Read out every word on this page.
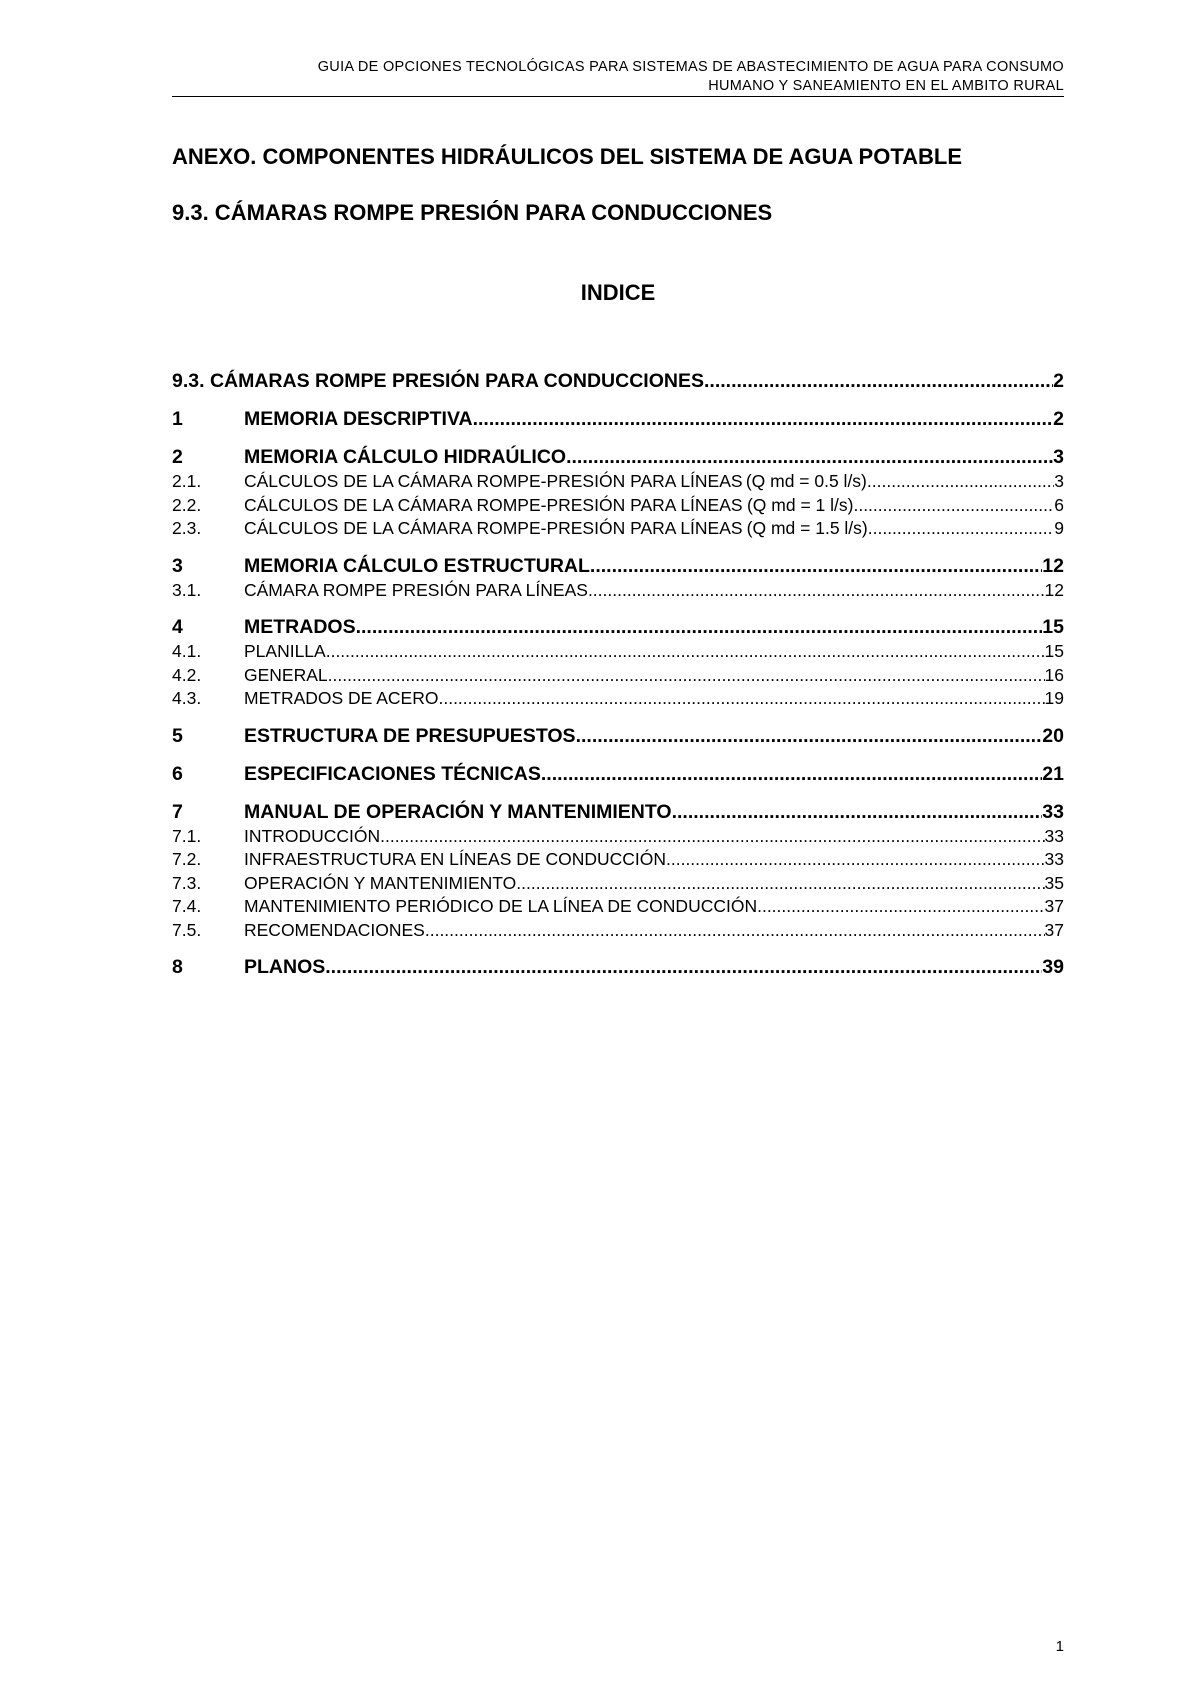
GUIA DE OPCIONES TECNOLÓGICAS PARA SISTEMAS DE ABASTECIMIENTO DE AGUA PARA CONSUMO
HUMANO Y SANEAMIENTO EN EL AMBITO RURAL
ANEXO. COMPONENTES HIDRÁULICOS DEL SISTEMA DE AGUA POTABLE
9.3. CÁMARAS ROMPE PRESIÓN PARA CONDUCCIONES
INDICE
9.3. CÁMARAS ROMPE PRESIÓN PARA CONDUCCIONES .....	2
1	MEMORIA DESCRIPTIVA .....	2
2	MEMORIA CÁLCULO HIDRAÚLICO .....	3
2.1.	CÁLCULOS DE LA CÁMARA ROMPE-PRESIÓN PARA LÍNEAS (Q md = 0.5 l/s) .....	3
2.2.	CÁLCULOS DE LA CÁMARA ROMPE-PRESIÓN PARA LÍNEAS (Q md = 1 l/s) .....	6
2.3.	CÁLCULOS DE LA CÁMARA ROMPE-PRESIÓN PARA LÍNEAS (Q md = 1.5 l/s) .....	9
3	MEMORIA CÁLCULO ESTRUCTURAL .....	12
3.1.	CÁMARA ROMPE PRESIÓN PARA LÍNEAS .....	12
4	METRADOS .....	15
4.1.	PLANILLA .....	15
4.2.	GENERAL .....	16
4.3.	METRADOS DE ACERO .....	19
5	ESTRUCTURA DE PRESUPUESTOS .....	20
6	ESPECIFICACIONES TÉCNICAS .....	21
7	MANUAL DE OPERACIÓN Y MANTENIMIENTO. .....	33
7.1.	INTRODUCCIÓN .....	33
7.2.	INFRAESTRUCTURA EN LÍNEAS DE CONDUCCIÓN .....	33
7.3.	OPERACIÓN Y MANTENIMIENTO .....	35
7.4.	MANTENIMIENTO PERIÓDICO DE LA LÍNEA DE CONDUCCIÓN .....	37
7.5.	RECOMENDACIONES .....	37
8	PLANOS .....	39
1
